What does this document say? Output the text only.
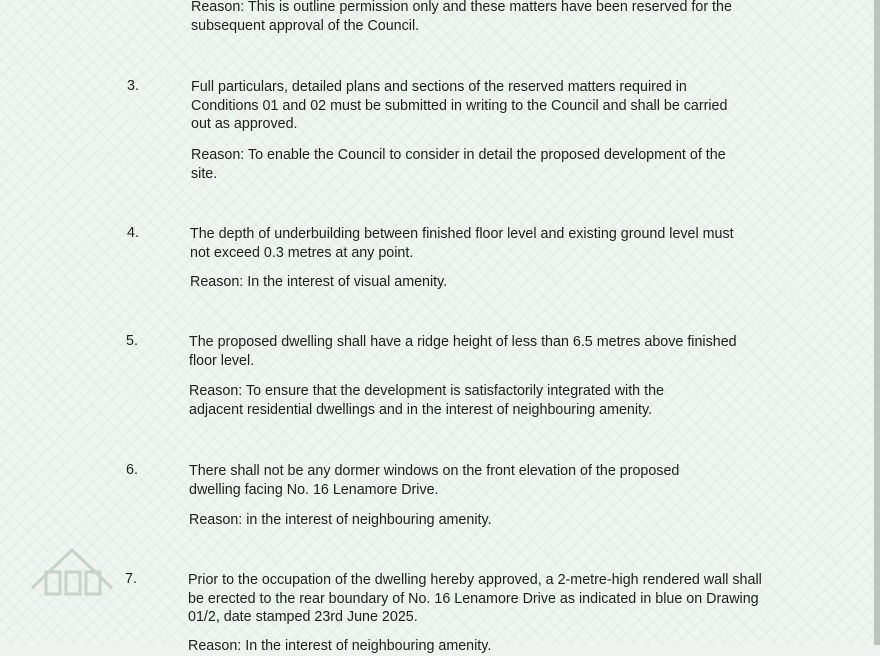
Reason: This is outline permission only and these matters have been reserved for the subsequent approval of the Council.

3.	Full particulars, detailed plans and sections of the reserved matters required in Conditions 01 and 02 must be submitted in writing to the Council and shall be carried out as approved.

Reason: To enable the Council to consider in detail the proposed development of the site.

4.	The depth of underbuilding between finished floor level and existing ground level must not exceed 0.3 metres at any point.

Reason: In the interest of visual amenity.

5.	The proposed dwelling shall have a ridge height of less than 6.5 metres above finished floor level.

Reason: To ensure that the development is satisfactorily integrated with the adjacent residential dwellings and in the interest of neighbouring amenity.

6.	There shall not be any dormer windows on the front elevation of the proposed dwelling facing No. 16 Lenamore Drive.

Reason: in the interest of neighbouring amenity.

7.	Prior to the occupation of the dwelling hereby approved, a 2-metre-high rendered wall shall be erected to the rear boundary of No. 16 Lenamore Drive as indicated in blue on Drawing 01/2, date stamped 23rd June 2025.

Reason: In the interest of neighbouring amenity.
